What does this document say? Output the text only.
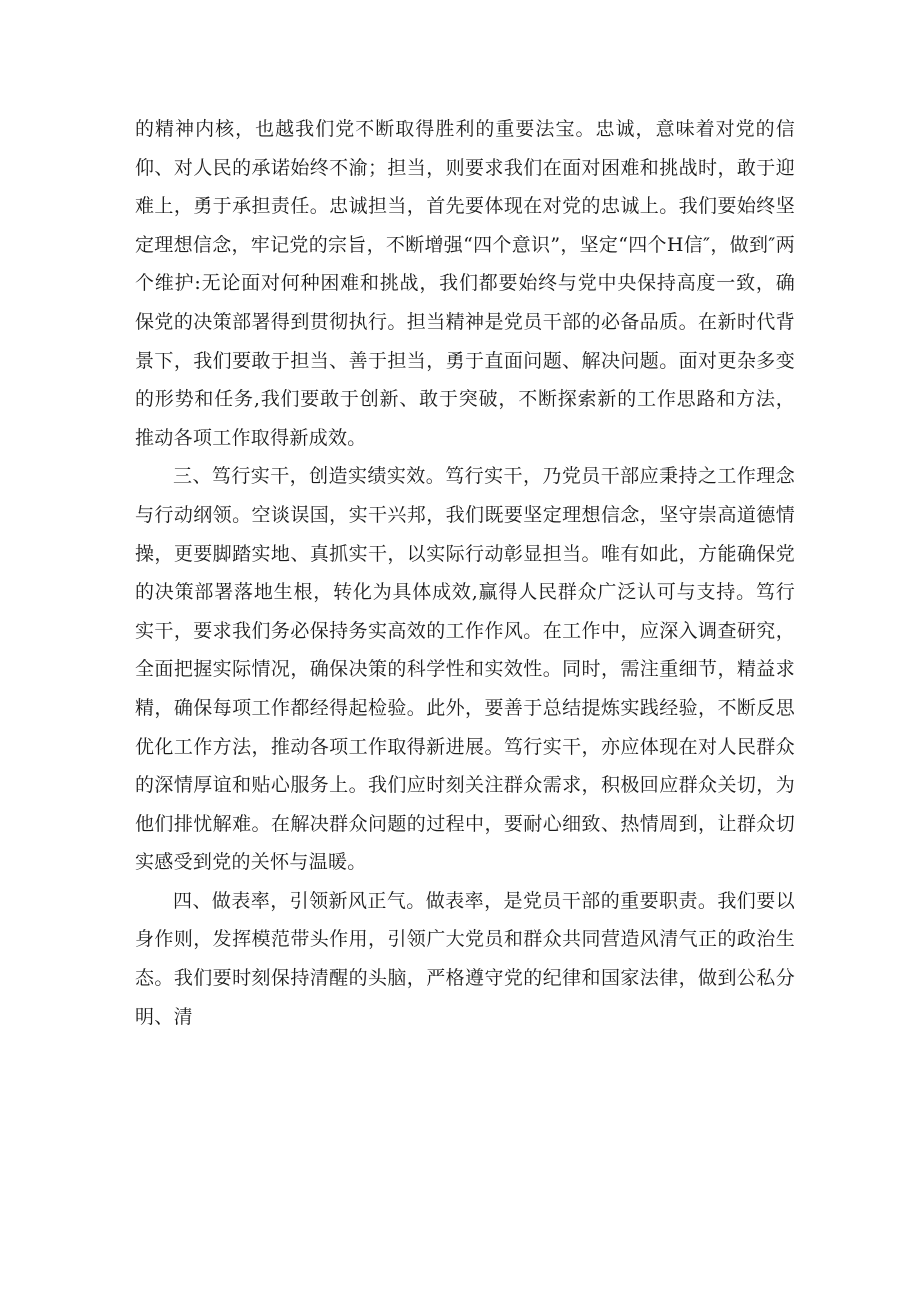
的精神内核，也越我们党不断取得胜利的重要法宝。忠诚，意味着对党的信仰、对人民的承诺始终不渝；担当，则要求我们在面对困难和挑战时，敢于迎难上，勇于承担责任。忠诚担当，首先要体现在对党的忠诚上。我们要始终坚定理想信念，牢记党的宗旨，不断增强“四个意识”，坚定“四个H信″，做到″两个维护:无论面对何种困难和挑战，我们都要始终与党中央保持高度一致，确保党的决策部署得到贯彻执行。担当精神是党员干部的必备品质。在新时代背景下，我们要敢于担当、善于担当，勇于直面问题、解决问题。面对更杂多变的形势和任务,我们要敢于创新、敢于突破，不断探索新的工作思路和方法，推动各项工作取得新成效。

三、笃行实干，创造实绩实效。笃行实干，乃党员干部应秉持之工作理念与行动纲领。空谈误国，实干兴邦，我们既要坚定理想信念，坚守崇高道德情操，更要脚踏实地、真抓实干，以实际行动彰显担当。唯有如此，方能确保党的决策部署落地生根，转化为具体成效,赢得人民群众广泛认可与支持。笃行实干，要求我们务必保持务实高效的工作作风。在工作中，应深入调查研究，全面把握实际情况，确保决策的科学性和实效性。同时，需注重细节，精益求精，确保每项工作都经得起检验。此外，要善于总结提炼实践经验，不断反思优化工作方法，推动各项工作取得新进展。笃行实干，亦应体现在对人民群众的深情厚谊和贴心服务上。我们应时刻关注群众需求，积极回应群众关切，为他们排忧解难。在解决群众问题的过程中，要耐心细致、热情周到，让群众切实感受到党的关怀与温暖。

四、做表率，引领新风正气。做表率，是党员干部的重要职责。我们要以身作则，发挥模范带头作用，引领广大党员和群众共同营造风清气正的政治生态。我们要时刻保持清醒的头脑，严格遵守党的纪律和国家法律，做到公私分明、清
